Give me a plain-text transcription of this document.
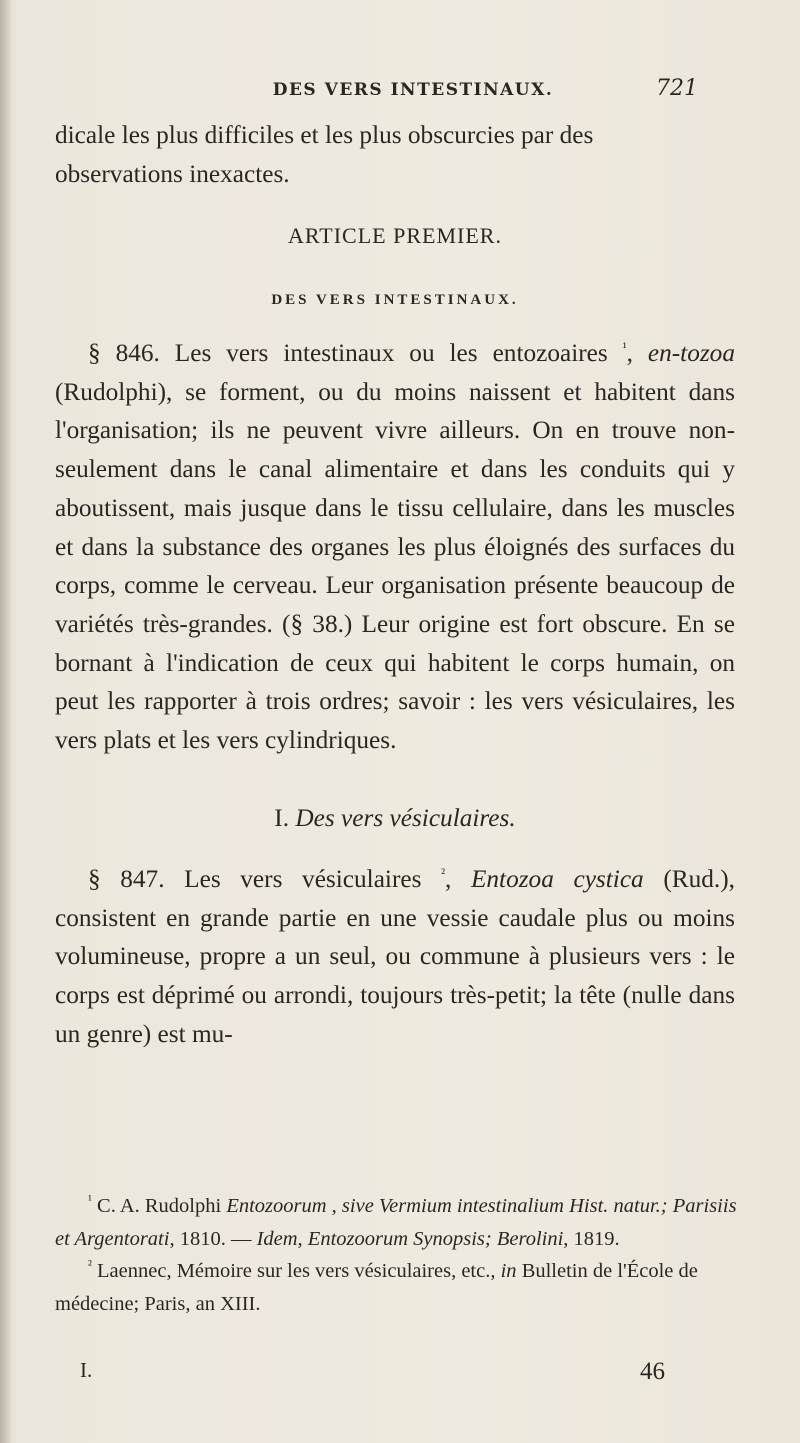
DES VERS INTESTINAUX.	721

dicale les plus difficiles et les plus obscurcies par des
observations inexactes.

ARTICLE PREMIER.
DES VERS INTESTINAUX.

§ 846. Les vers intestinaux ou les entozoaires $^{^1}$, en-tozoa (Rudolphi), se forment, ou du moins naissent et habitent dans l'organisation; ils ne peuvent vivre ailleurs. On en trouve non-seulement dans le canal alimentaire et dans les conduits qui y aboutissent, mais jusque dans le tissu cellulaire, dans les muscles et dans la substance des organes les plus éloignés des surfaces du corps, comme le cerveau. Leur organisation présente beaucoup de variétés très-grandes. (§ 38.) Leur origine est fort obscure. En se bornant à l'indication de ceux qui habitent le corps humain, on peut les rapporter à trois ordres; savoir : les vers vésiculaires, les vers plats et les vers cylindriques.

I. Des vers vésiculaires.

§ 847. Les vers vésiculaires $^{^2}$, Entozoa cystica (Rud.), consistent en grande partie en une vessie caudale plus ou moins volumineuse, propre a un seul, ou commune à plusieurs vers : le corps est déprimé ou arrondi, toujours très-petit; la tête (nulle dans un genre) est mu-

$^{^1}$ C. A. Rudolphi Entozoorum , sive Vermium intestinalium Hist. natur.; Parisiis et Argentorati, 1810. — Idem, Entozoorum Synopsis; Berolini, 1819.

$^{^2}$ Laennec, Mémoire sur les vers vésiculaires, etc., in Bulletin de l'École de médecine; Paris, an XIII.

I.	46
